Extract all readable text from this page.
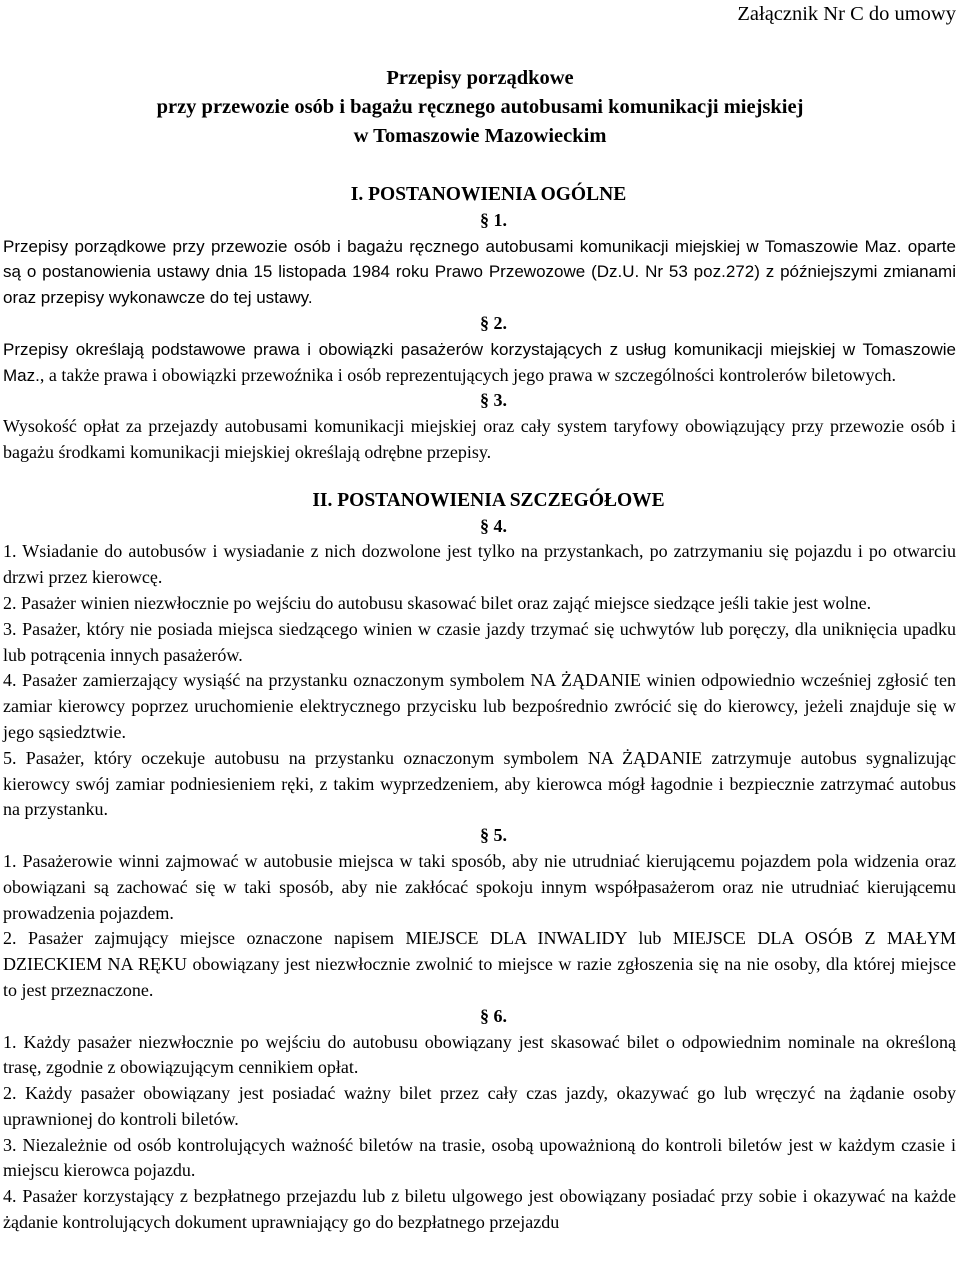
Załącznik Nr C do umowy
Przepisy porządkowe
przy przewozie osób i bagażu ręcznego autobusami komunikacji miejskiej
w Tomaszowie Mazowieckim
I. POSTANOWIENIA OGÓLNE
§ 1.

Przepisy porządkowe przy przewozie osób i bagażu ręcznego autobusami komunikacji miejskiej w Tomaszowie Maz. oparte są o postanowienia ustawy dnia 15 listopada 1984 roku Prawo Przewozowe (Dz.U. Nr 53 poz.272) z późniejszymi zmianami oraz przepisy wykonawcze do tej ustawy.

§ 2.

Przepisy określają podstawowe prawa i obowiązki pasażerów korzystających z usług komunikacji miejskiej w Tomaszowie Maz., a także prawa i obowiązki przewoźnika i osób reprezentujących jego prawa w szczególności kontrolerów biletowych.

§ 3.

Wysokość opłat za przejazdy autobusami komunikacji miejskiej oraz cały system taryfowy obowiązujący przy przewozie osób i bagażu środkami komunikacji miejskiej określają odrębne przepisy.

II. POSTANOWIENIA SZCZEGÓŁOWE
§ 4.

1. Wsiadanie do autobusów i wysiadanie z nich dozwolone jest tylko na przystankach, po zatrzymaniu się pojazdu i po otwarciu drzwi przez kierowcę.

2. Pasażer winien niezwłocznie po wejściu do autobusu skasować bilet oraz zająć miejsce siedzące jeśli takie jest wolne.

3. Pasażer, który nie posiada miejsca siedzącego winien w czasie jazdy trzymać się uchwytów lub poręczy, dla uniknięcia upadku lub potrącenia innych pasażerów.

4. Pasażer zamierzający wysiąść na przystanku oznaczonym symbolem NA ŻĄDANIE winien odpowiednio wcześniej zgłosić ten zamiar kierowcy poprzez uruchomienie elektrycznego przycisku lub bezpośrednio zwrócić się do kierowcy, jeżeli znajduje się w jego sąsiedztwie.

5. Pasażer, który oczekuje autobusu na przystanku oznaczonym symbolem NA ŻĄDANIE zatrzymuje autobus sygnalizując kierowcy swój zamiar podniesieniem ręki, z takim wyprzedzeniem, aby kierowca mógł łagodnie i bezpiecznie zatrzymać autobus na przystanku.

§ 5.

1. Pasażerowie winni zajmować w autobusie miejsca w taki sposób, aby nie utrudniać kierującemu pojazdem pola widzenia oraz obowiązani są zachować się w taki sposób, aby nie zakłócać spokoju innym współpasażerom oraz nie utrudniać kierującemu prowadzenia pojazdem.

2. Pasażer zajmujący miejsce oznaczone napisem MIEJSCE DLA INWALIDY lub MIEJSCE DLA OSÓB Z MAŁYM DZIECKIEM NA RĘKU obowiązany jest niezwłocznie zwolnić to miejsce w razie zgłoszenia się na nie osoby, dla której miejsce to jest przeznaczone.

§ 6.

1. Każdy pasażer niezwłocznie po wejściu do autobusu obowiązany jest skasować bilet o odpowiednim nominale na określoną trasę, zgodnie z obowiązującym cennikiem opłat.

2. Każdy pasażer obowiązany jest posiadać ważny bilet przez cały czas jazdy, okazywać go lub wręczyć na żądanie osoby uprawnionej do kontroli biletów.

3. Niezależnie od osób kontrolujących ważność biletów na trasie, osobą upoważnioną do kontroli biletów jest w każdym czasie i miejscu kierowca pojazdu.

4. Pasażer korzystający z bezpłatnego przejazdu lub z biletu ulgowego jest obowiązany posiadać przy sobie i okazywać na każde żądanie kontrolujących dokument uprawniający go do bezpłatnego przejazdu
